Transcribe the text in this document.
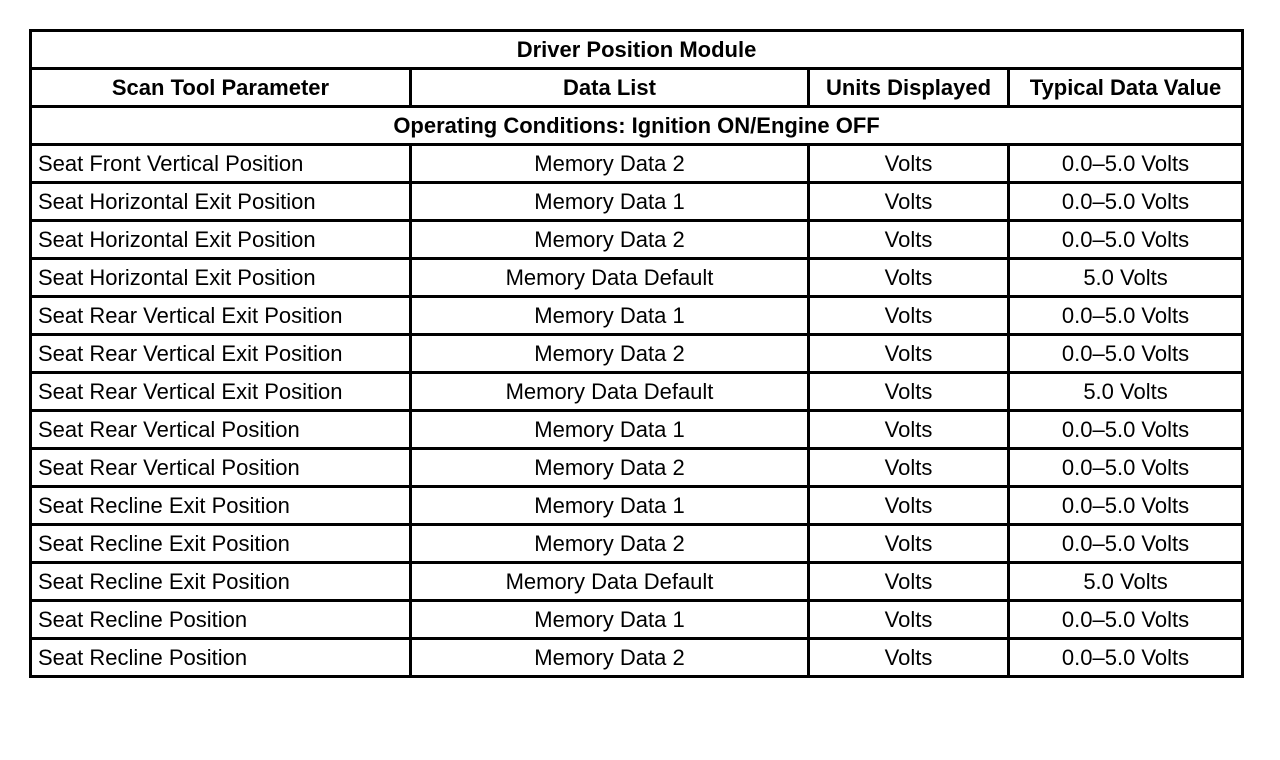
Driver Position Module			
Scan Tool Parameter	Data List	Units Displayed	Typical Data Value
Operating Conditions: Ignition ON/Engine OFF			
Seat Front Vertical Position	Memory Data 2	Volts	0.0–5.0 Volts
Seat Horizontal Exit Position	Memory Data 1	Volts	0.0–5.0 Volts
Seat Horizontal Exit Position	Memory Data 2	Volts	0.0–5.0 Volts
Seat Horizontal Exit Position	Memory Data Default	Volts	5.0 Volts
Seat Rear Vertical Exit Position	Memory Data 1	Volts	0.0–5.0 Volts
Seat Rear Vertical Exit Position	Memory Data 2	Volts	0.0–5.0 Volts
Seat Rear Vertical Exit Position	Memory Data Default	Volts	5.0 Volts
Seat Rear Vertical Position	Memory Data 1	Volts	0.0–5.0 Volts
Seat Rear Vertical Position	Memory Data 2	Volts	0.0–5.0 Volts
Seat Recline Exit Position	Memory Data 1	Volts	0.0–5.0 Volts
Seat Recline Exit Position	Memory Data 2	Volts	0.0–5.0 Volts
Seat Recline Exit Position	Memory Data Default	Volts	5.0 Volts
Seat Recline Position	Memory Data 1	Volts	0.0–5.0 Volts
Seat Recline Position	Memory Data 2	Volts	0.0–5.0 Volts
